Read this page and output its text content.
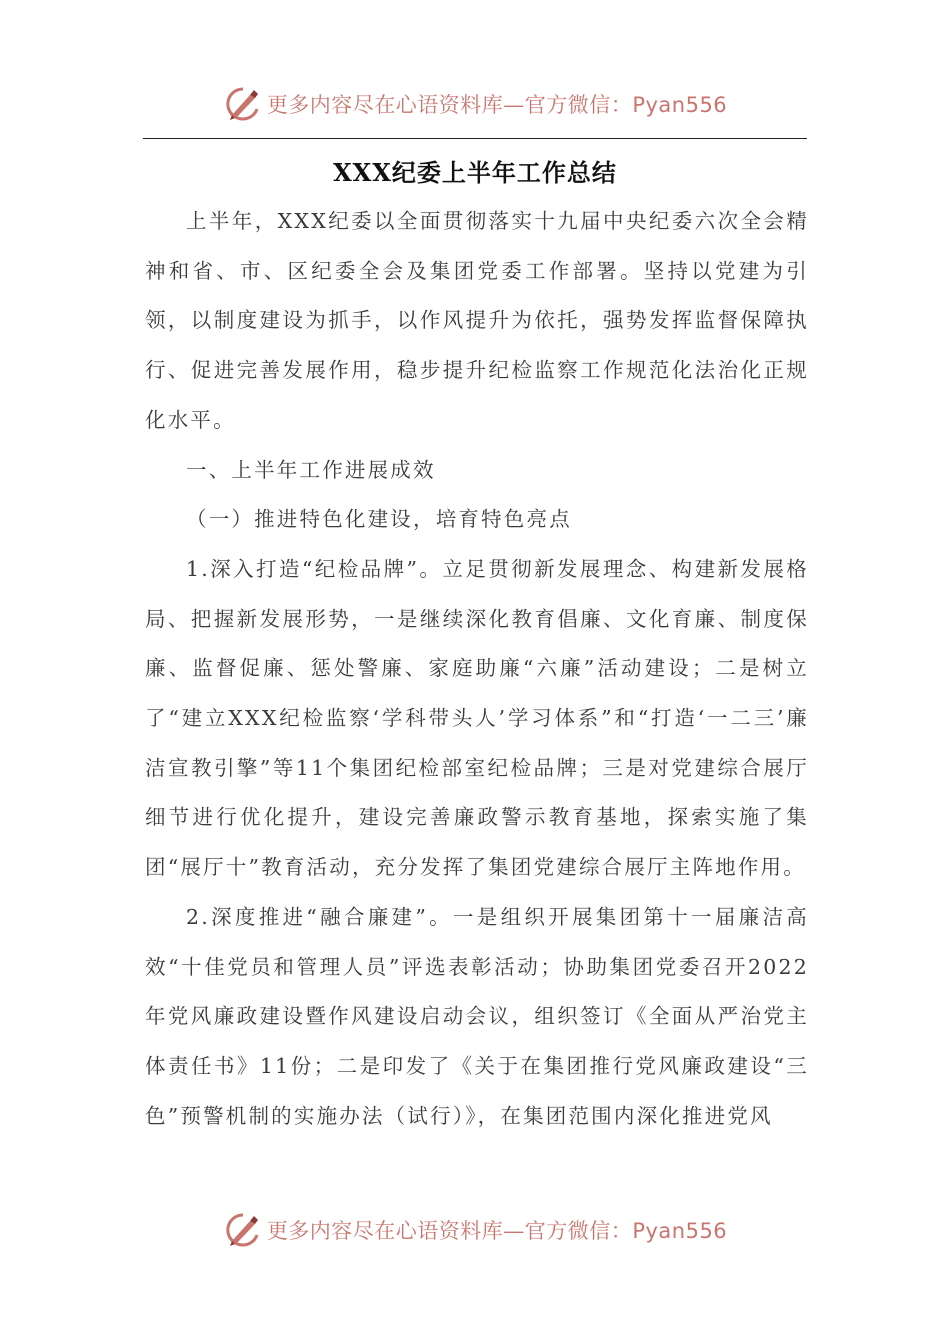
更多内容尽在心语资料库—官方微信：Pyan556
XXX纪委上半年工作总结

上半年，XXX纪委以全面贯彻落实十九届中央纪委六次全会精神和省、市、区纪委全会及集团党委工作部署。坚持以党建为引领，以制度建设为抓手，以作风提升为依托，强势发挥监督保障执行、促进完善发展作用，稳步提升纪检监察工作规范化法治化正规化水平。

一、上半年工作进展成效

（一）推进特色化建设，培育特色亮点

1.深入打造“纪检品牌”。立足贯彻新发展理念、构建新发展格局、把握新发展形势，一是继续深化教育倡廉、文化育廉、制度保廉、监督促廉、惩处警廉、家庭助廉“六廉”活动建设；二是树立了“建立XXX纪检监察‘学科带头人’学习体系”和“打造‘一二三’廉洁宣教引擎”等11个集团纪检部室纪检品牌；三是对党建综合展厅细节进行优化提升，建设完善廉政警示教育基地，探索实施了集团“展厅十”教育活动，充分发挥了集团党建综合展厅主阵地作用。

2.深度推进“融合廉建”。一是组织开展集团第十一届廉洁高效“十佳党员和管理人员”评选表彰活动；协助集团党委召开2022年党风廉政建设暨作风建设启动会议，组织签订《全面从严治党主体责任书》11份；二是印发了《关于在集团推行党风廉政建设“三色”预警机制的实施办法（试行）》，在集团范围内深化推进党风

更多内容尽在心语资料库—官方微信：Pyan556
